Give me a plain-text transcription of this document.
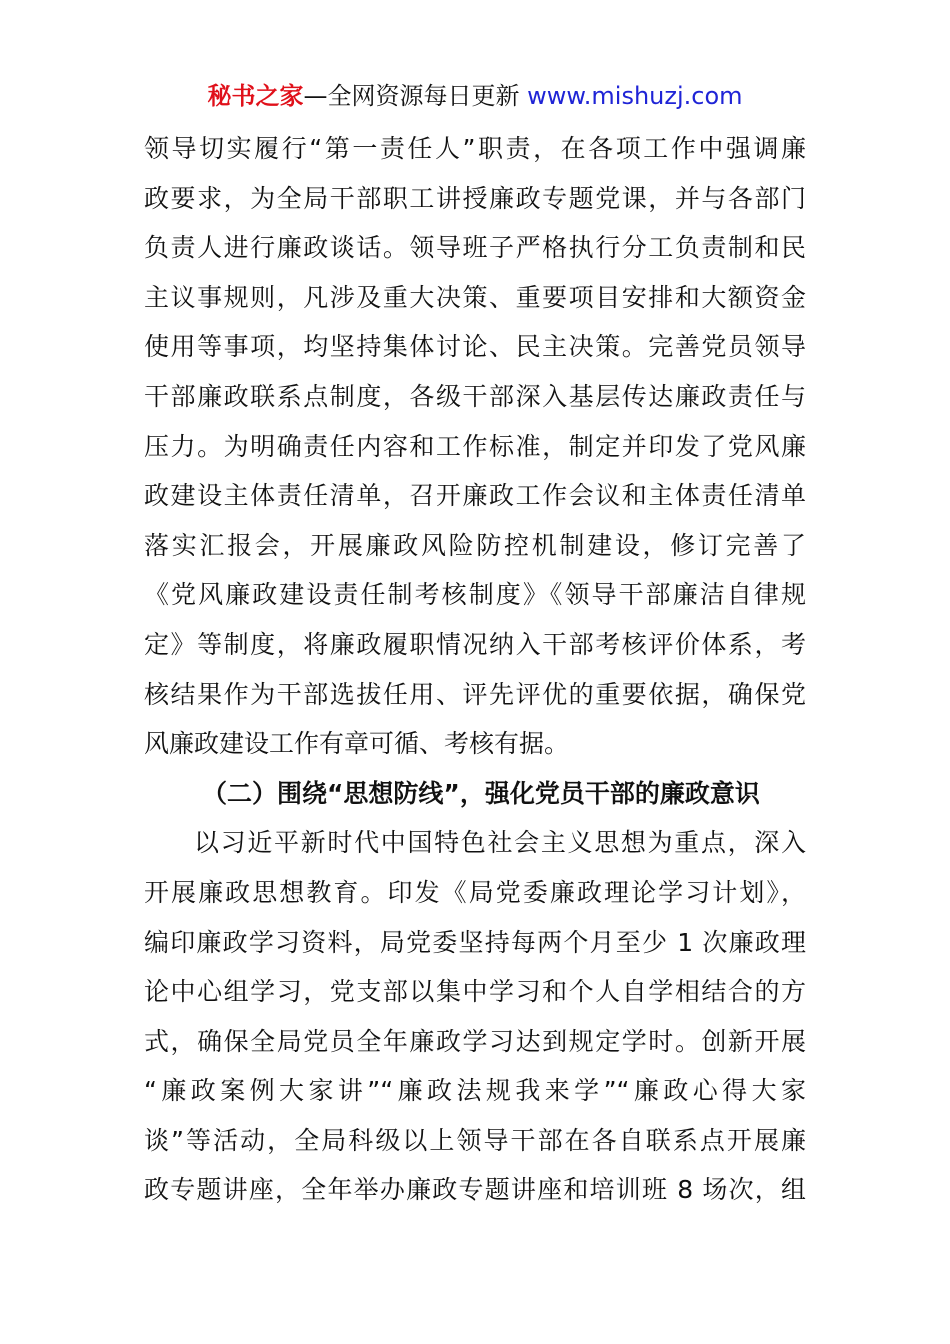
秘书之家—全网资源每日更新 www.mishuzj.com
领导切实履行“第一责任人”职责，在各项工作中强调廉
政要求，为全局干部职工讲授廉政专题党课，并与各部门
负责人进行廉政谈话。领导班子严格执行分工负责制和民
主议事规则，凡涉及重大决策、重要项目安排和大额资金
使用等事项，均坚持集体讨论、民主决策。完善党员领导
干部廉政联系点制度，各级干部深入基层传达廉政责任与
压力。为明确责任内容和工作标准，制定并印发了党风廉
政建设主体责任清单，召开廉政工作会议和主体责任清单
落实汇报会，开展廉政风险防控机制建设，修订完善了
《党风廉政建设责任制考核制度》《领导干部廉洁自律规
定》等制度，将廉政履职情况纳入干部考核评价体系，考
核结果作为干部选拔任用、评先评优的重要依据，确保党
风廉政建设工作有章可循、考核有据。
（二）围绕“思想防线”，强化党员干部的廉政意识
以习近平新时代中国特色社会主义思想为重点，深入
开展廉政思想教育。印发《局党委廉政理论学习计划》，
编印廉政学习资料，局党委坚持每两个月至少 1 次廉政理
论中心组学习，党支部以集中学习和个人自学相结合的方
式，确保全局党员全年廉政学习达到规定学时。创新开展
“廉政案例大家讲”“廉政法规我来学”“廉政心得大家
谈”等活动，全局科级以上领导干部在各自联系点开展廉
政专题讲座，全年举办廉政专题讲座和培训班 8 场次，组
